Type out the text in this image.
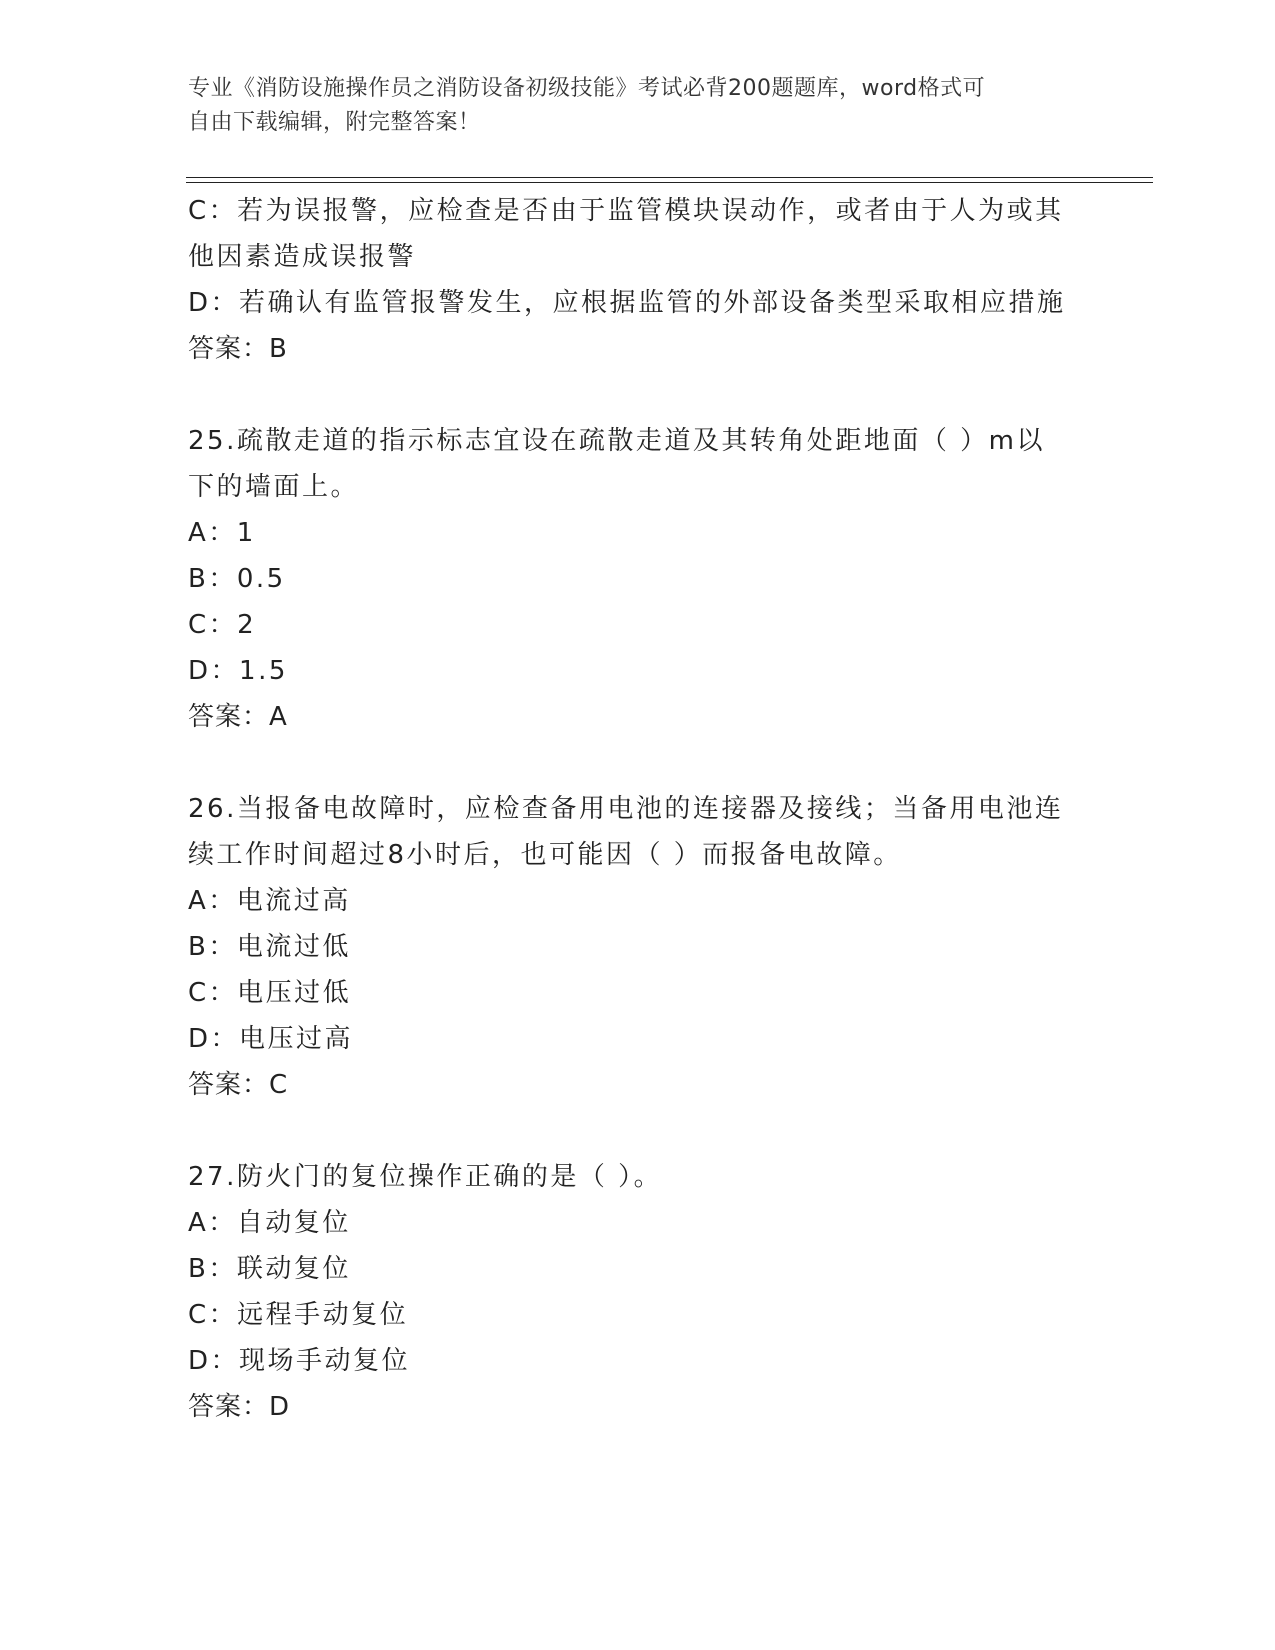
专业《消防设施操作员之消防设备初级技能》考试必背200题题库，word格式可
自由下载编辑，附完整答案！
C：若为误报警，应检查是否由于监管模块误动作，或者由于人为或其
他因素造成误报警
D：若确认有监管报警发生，应根据监管的外部设备类型采取相应措施
答案：B
25.疏散走道的指示标志宜设在疏散走道及其转角处距地面（ ）m以
下的墙面上。
A：1
B：0.5
C：2
D：1.5
答案：A
26.当报备电故障时，应检查备用电池的连接器及接线；当备用电池连
续工作时间超过8小时后，也可能因（ ）而报备电故障。
A：电流过高
B：电流过低
C：电压过低
D：电压过高
答案：C
27.防火门的复位操作正确的是（ ）。
A：自动复位
B：联动复位
C：远程手动复位
D：现场手动复位
答案：D
